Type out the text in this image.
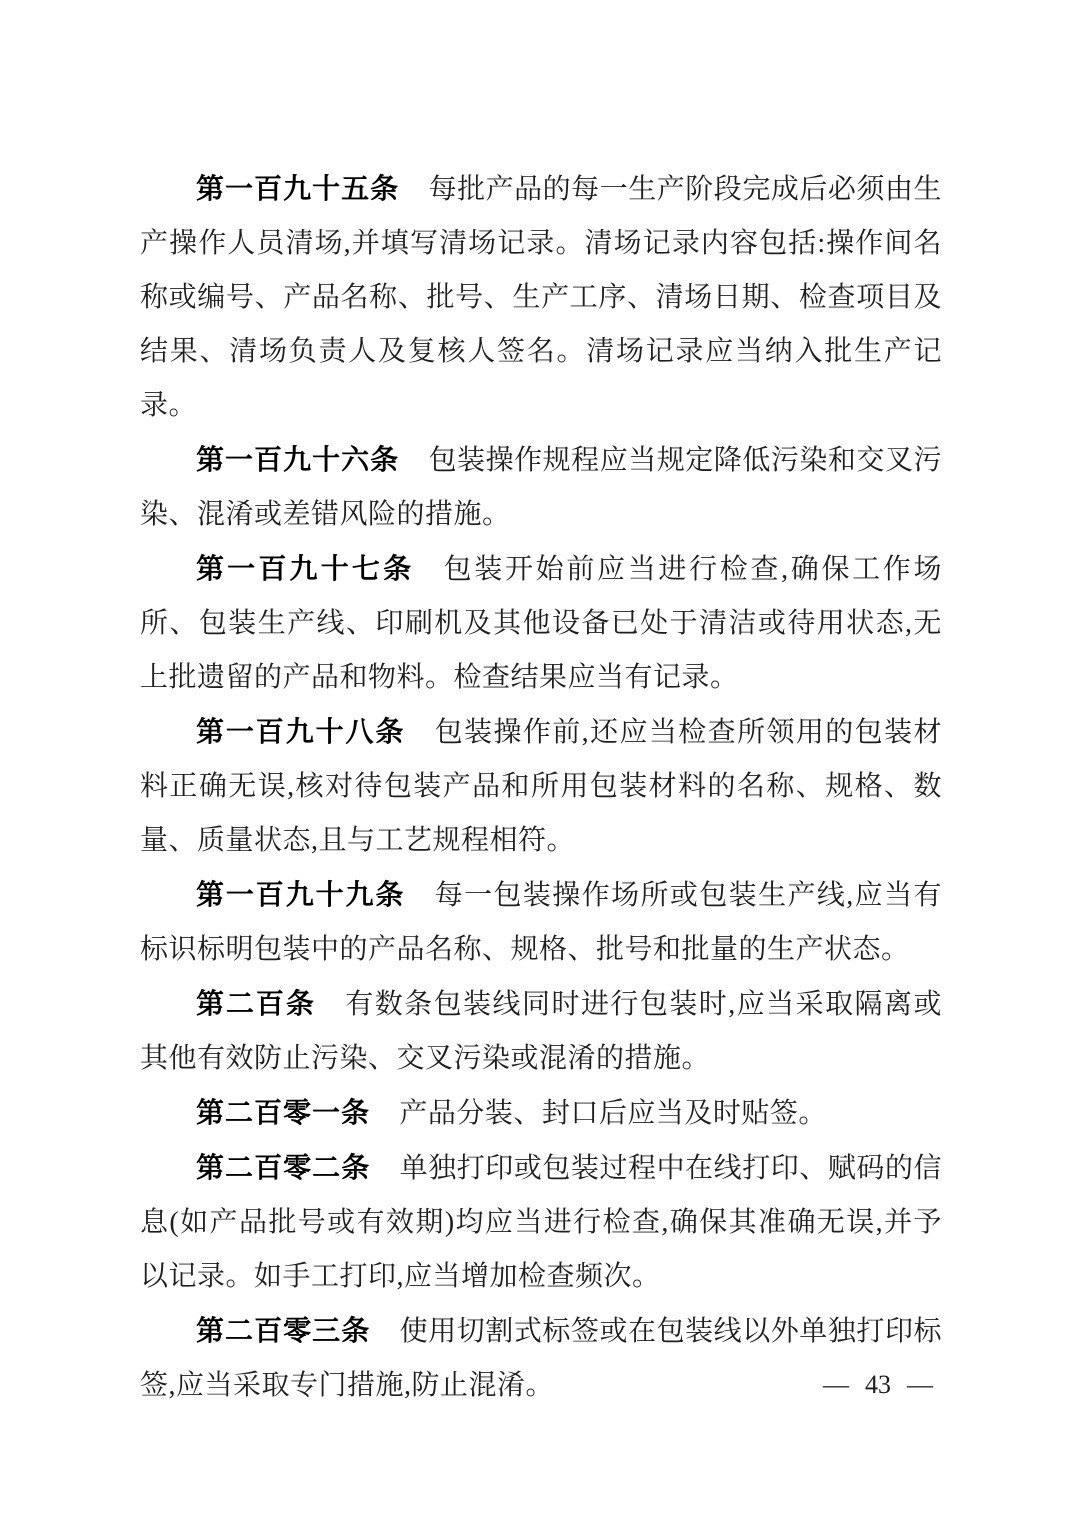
第一百九十五条 每批产品的每一生产阶段完成后必须由生产操作人员清场,并填写清场记录。清场记录内容包括:操作间名称或编号、产品名称、批号、生产工序、清场日期、检查项目及结果、清场负责人及复核人签名。清场记录应当纳入批生产记录。

第一百九十六条 包装操作规程应当规定降低污染和交叉污染、混淆或差错风险的措施。

第一百九十七条 包装开始前应当进行检查,确保工作场所、包装生产线、印刷机及其他设备已处于清洁或待用状态,无上批遗留的产品和物料。检查结果应当有记录。

第一百九十八条 包装操作前,还应当检查所领用的包装材料正确无误,核对待包装产品和所用包装材料的名称、规格、数量、质量状态,且与工艺规程相符。

第一百九十九条 每一包装操作场所或包装生产线,应当有标识标明包装中的产品名称、规格、批号和批量的生产状态。

第二百条 有数条包装线同时进行包装时,应当采取隔离或其他有效防止污染、交叉污染或混淆的措施。

第二百零一条 产品分装、封口后应当及时贴签。

第二百零二条 单独打印或包装过程中在线打印、赋码的信息(如产品批号或有效期)均应当进行检查,确保其准确无误,并予以记录。如手工打印,应当增加检查频次。

第二百零三条 使用切割式标签或在包装线以外单独打印标签,应当采取专门措施,防止混淆。	— 43 —
